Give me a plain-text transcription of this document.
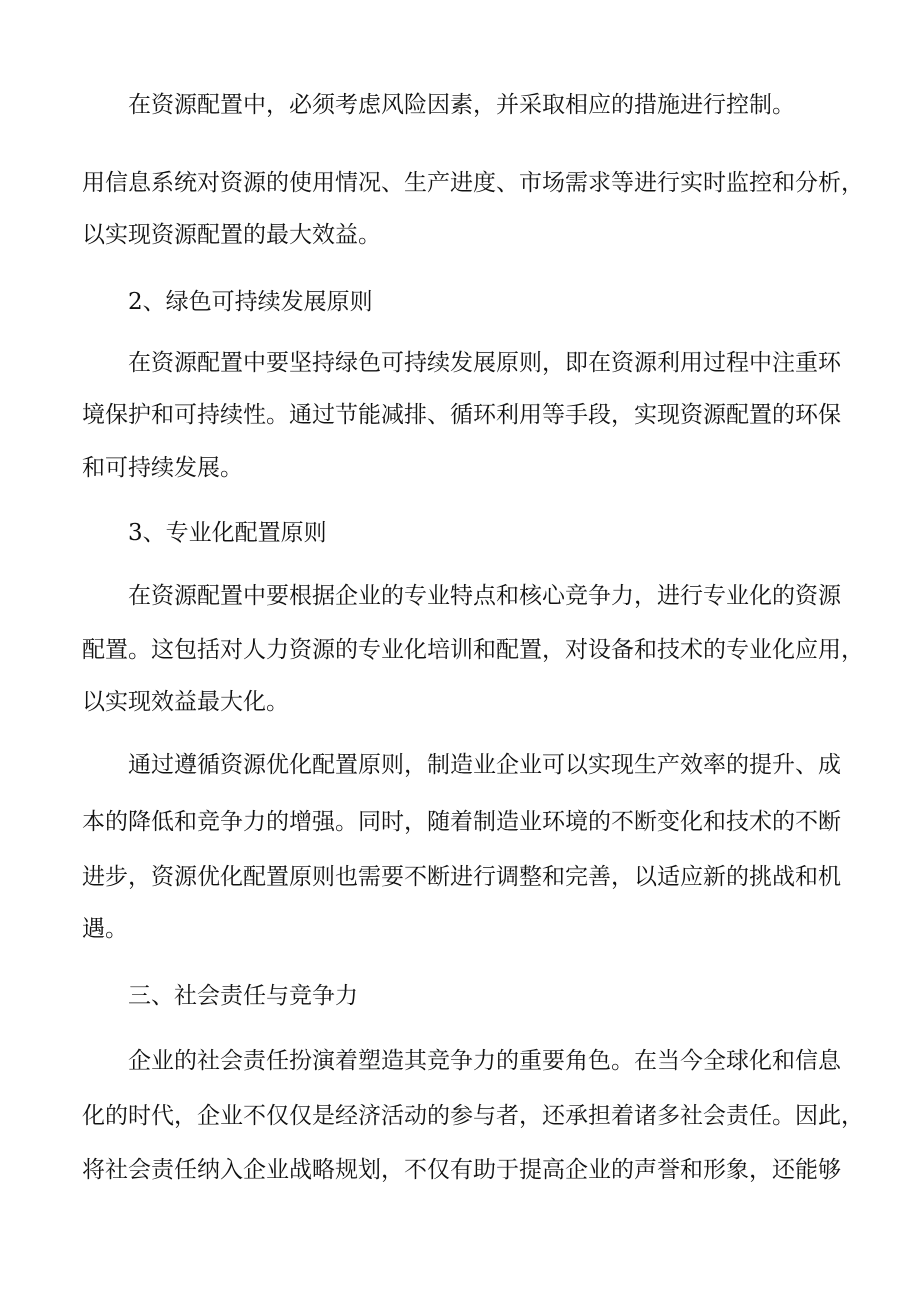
在资源配置中，必须考虑风险因素，并采取相应的措施进行控制。
用信息系统对资源的使用情况、生产进度、市场需求等进行实时监控和分析，
以实现资源配置的最大效益。
2、绿色可持续发展原则
在资源配置中要坚持绿色可持续发展原则，即在资源利用过程中注重环
境保护和可持续性。通过节能减排、循环利用等手段，实现资源配置的环保
和可持续发展。
3、专业化配置原则
在资源配置中要根据企业的专业特点和核心竞争力，进行专业化的资源
配置。这包括对人力资源的专业化培训和配置，对设备和技术的专业化应用，
以实现效益最大化。
通过遵循资源优化配置原则，制造业企业可以实现生产效率的提升、成
本的降低和竞争力的增强。同时，随着制造业环境的不断变化和技术的不断
进步，资源优化配置原则也需要不断进行调整和完善，以适应新的挑战和机
遇。
三、社会责任与竞争力
企业的社会责任扮演着塑造其竞争力的重要角色。在当今全球化和信息
化的时代，企业不仅仅是经济活动的参与者，还承担着诸多社会责任。因此，
将社会责任纳入企业战略规划，不仅有助于提高企业的声誉和形象，还能够
